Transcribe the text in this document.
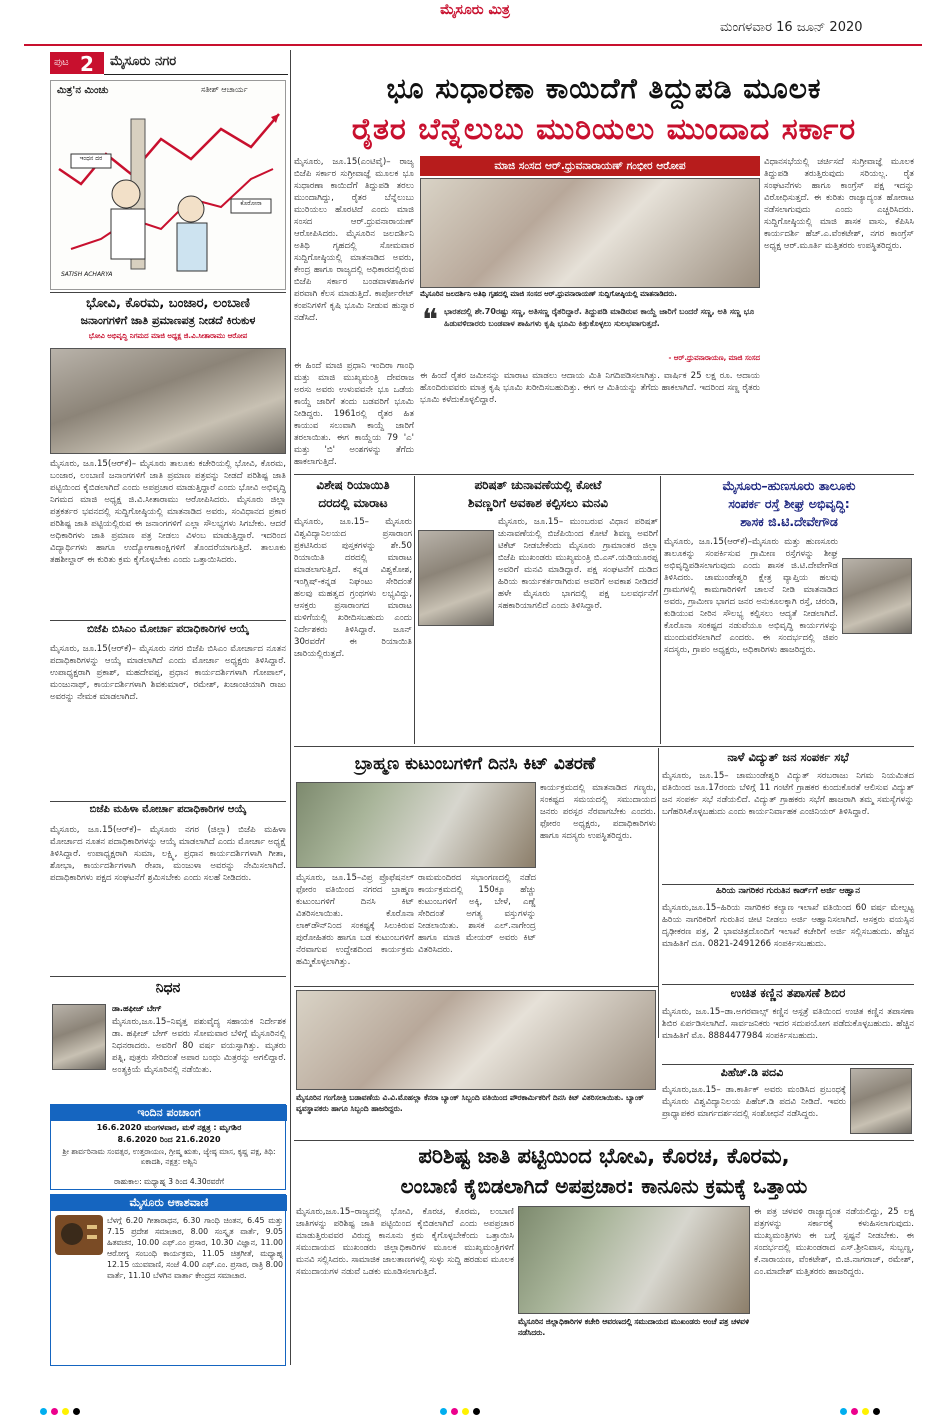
ಮೈಸೂರು ಮಿತ್ರ
ಮಂಗಳವಾರ 16 ಜೂನ್ 2020
ಪುಟ 2 ಮೈಸೂರು ನಗರ
ಮಿತ್ರ'ನ ಮಿಂಚು	ಸತೀಶ್ ಆಚಾರ್ಯ
ಇಂಧನ ದರ
ಕೊರೋನಾ
SATISH ACHARYA
ಭೋವಿ, ಕೊರಮ, ಬಂಜಾರ, ಲಂಬಾಣಿ
ಜನಾಂಗಗಳಿಗೆ ಜಾತಿ ಪ್ರಮಾಣಪತ್ರ ನೀಡದೆ ಕಿರುಕುಳ
ಭೋವಿ ಅಭಿವೃದ್ಧಿ ನಿಗಮದ ಮಾಜಿ ಅಧ್ಯಕ್ಷ ಜಿ.ವಿ.ಸೀತಾರಾಮು ಆರೋಪ
ಮೈಸೂರು, ಜೂ.15(ಆರ್‌ಕೆ)– ಮೈಸೂರು ತಾಲೂಕು ಕಚೇರಿಯಲ್ಲಿ ಭೋವಿ, ಕೊರಮ, ಬಂಜಾರ, ಲಂಬಾಣಿ ಜನಾಂಗಗಳಿಗೆ ಜಾತಿ ಪ್ರಮಾಣ ಪತ್ರವನ್ನು ನೀಡದೆ ಪರಿಶಿಷ್ಟ ಜಾತಿ ಪಟ್ಟಿಯಿಂದ ಕೈಬಿಡಲಾಗಿದೆ ಎಂದು ಅಪಪ್ರಚಾರ ಮಾಡುತ್ತಿದ್ದಾರೆ ಎಂದು ಭೋವಿ ಅಭಿವೃದ್ಧಿ ನಿಗಮದ ಮಾಜಿ ಅಧ್ಯಕ್ಷ ಜಿ.ವಿ.ಸೀತಾರಾಮು ಆರೋಪಿಸಿದರು. ಮೈಸೂರು ಜಿಲ್ಲಾ ಪತ್ರಕರ್ತರ ಭವನದಲ್ಲಿ ಸುದ್ದಿಗೋಷ್ಠಿಯಲ್ಲಿ ಮಾತನಾಡಿದ ಅವರು, ಸಂವಿಧಾನದ ಪ್ರಕಾರ ಪರಿಶಿಷ್ಟ ಜಾತಿ ಪಟ್ಟಿಯಲ್ಲಿರುವ ಈ ಜನಾಂಗಗಳಿಗೆ ಎಲ್ಲಾ ಸೌಲಭ್ಯಗಳು ಸಿಗಬೇಕು. ಆದರೆ ಅಧಿಕಾರಿಗಳು ಜಾತಿ ಪ್ರಮಾಣ ಪತ್ರ ನೀಡಲು ವಿಳಂಬ ಮಾಡುತ್ತಿದ್ದಾರೆ. ಇದರಿಂದ ವಿದ್ಯಾರ್ಥಿಗಳು ಹಾಗೂ ಉದ್ಯೋಗಾಕಾಂಕ್ಷಿಗಳಿಗೆ ತೊಂದರೆಯಾಗುತ್ತಿದೆ. ತಾಲೂಕು ತಹಶೀಲ್ದಾರ್ ಈ ಕುರಿತು ಕ್ರಮ ಕೈಗೊಳ್ಳಬೇಕು ಎಂದು ಒತ್ತಾಯಿಸಿದರು.
ಬಿಜೆಪಿ ಬಿಸಿಎಂ ಮೋರ್ಚಾ ಪದಾಧಿಕಾರಿಗಳ ಆಯ್ಕೆ
ಮೈಸೂರು, ಜೂ.15(ಆರ್‌ಕೆ)– ಮೈಸೂರು ನಗರ ಬಿಜೆಪಿ ಬಿಸಿಎಂ ಮೋರ್ಚಾದ ನೂತನ ಪದಾಧಿಕಾರಿಗಳನ್ನು ಆಯ್ಕೆ ಮಾಡಲಾಗಿದೆ ಎಂದು ಮೋರ್ಚಾ ಅಧ್ಯಕ್ಷರು ತಿಳಿಸಿದ್ದಾರೆ. ಉಪಾಧ್ಯಕ್ಷರಾಗಿ ಪ್ರಕಾಶ್, ಮಹದೇವಪ್ಪ, ಪ್ರಧಾನ ಕಾರ್ಯದರ್ಶಿಗಳಾಗಿ ಗೋಪಾಲ್, ಮಂಜುನಾಥ್, ಕಾರ್ಯದರ್ಶಿಗಳಾಗಿ ಶಿವಕುಮಾರ್, ರಮೇಶ್, ಖಜಾಂಚಿಯಾಗಿ ರಾಜು ಅವರನ್ನು ನೇಮಕ ಮಾಡಲಾಗಿದೆ.
ಬಿಜೆಪಿ ಮಹಿಳಾ ಮೋರ್ಚಾ ಪದಾಧಿಕಾರಿಗಳ ಆಯ್ಕೆ
ಮೈಸೂರು, ಜೂ.15(ಆರ್‌ಕೆ)– ಮೈಸೂರು ನಗರ (ಜಿಲ್ಲಾ) ಬಿಜೆಪಿ ಮಹಿಳಾ ಮೋರ್ಚಾದ ನೂತನ ಪದಾಧಿಕಾರಿಗಳನ್ನು ಆಯ್ಕೆ ಮಾಡಲಾಗಿದೆ ಎಂದು ಮೋರ್ಚಾ ಅಧ್ಯಕ್ಷೆ ತಿಳಿಸಿದ್ದಾರೆ. ಉಪಾಧ್ಯಕ್ಷರಾಗಿ ಸುಮಾ, ಲಕ್ಷ್ಮಿ, ಪ್ರಧಾನ ಕಾರ್ಯದರ್ಶಿಗಳಾಗಿ ಗೀತಾ, ಶೋಭಾ, ಕಾರ್ಯದರ್ಶಿಗಳಾಗಿ ರೇಖಾ, ಮಂಜುಳಾ ಅವರನ್ನು ನೇಮಿಸಲಾಗಿದೆ. ಪದಾಧಿಕಾರಿಗಳು ಪಕ್ಷದ ಸಂಘಟನೆಗೆ ಶ್ರಮಿಸಬೇಕು ಎಂದು ಸಲಹೆ ನೀಡಿದರು.
ನಿಧನ
ಡಾ.ಹಫೀಜ್ ಬೇಗ್
ಮೈಸೂರು,ಜೂ.15–ನಿವೃತ್ತ ಪಶುವೈದ್ಯ ಸಹಾಯಕ ನಿರ್ದೇಶಕ ಡಾ. ಹಫೀಜ್ ಬೇಗ್ ಅವರು ಸೋಮವಾರ ಬೆಳಿಗ್ಗೆ ಮೈಸೂರಿನಲ್ಲಿ ನಿಧನರಾದರು. ಅವರಿಗೆ 80 ವರ್ಷ ವಯಸ್ಸಾಗಿತ್ತು. ಮೃತರು ಪತ್ನಿ, ಪುತ್ರರು ಸೇರಿದಂತೆ ಅಪಾರ ಬಂಧು ಮಿತ್ರರನ್ನು ಅಗಲಿದ್ದಾರೆ. ಅಂತ್ಯಕ್ರಿಯೆ ಮೈಸೂರಿನಲ್ಲಿ ನಡೆಯಿತು.
ಇಂದಿನ ಪಂಚಾಂಗ
16.6.2020 ಮಂಗಳವಾರ, ಮಳೆ ನಕ್ಷತ್ರ : ಮೃಗಶಿರ
8.6.2020 ರಿಂದ 21.6.2020
ಶ್ರೀ ಶಾರ್ವರಿನಾಮ ಸಂವತ್ಸರ, ಉತ್ತರಾಯಣ, ಗ್ರೀಷ್ಮ ಋತು, ಜ್ಯೇಷ್ಠ ಮಾಸ, ಕೃಷ್ಣ ಪಕ್ಷ, ತಿಥಿ: ಏಕಾದಶಿ, ನಕ್ಷತ್ರ: ಅಶ್ವಿನಿ
ರಾಹುಕಾಲ: ಮಧ್ಯಾಹ್ನ 3 ರಿಂದ 4.30ರವರೆಗೆ
ಮೈಸೂರು ಆಕಾಶವಾಣಿ
ಬೆಳಗ್ಗೆ 6.20 ಗೀತಾರಾಧನ, 6.30 ಗಾಂಧಿ ಚಿಂತನ, 6.45 ಮತ್ತು 7.15 ಪ್ರದೇಶ ಸಮಾಚಾರ, 8.00 ಸಂಸ್ಕೃತ ವಾರ್ತೆ, 9.05 ಹಿತವಚನ, 10.00 ಎಫ್.ಎಂ ಪ್ರಸಾರ, 10.30 ವಿಜ್ಞಾನ, 11.00 ಆರೋಗ್ಯ ಸಂಬಂಧಿ ಕಾರ್ಯಕ್ರಮ, 11.05 ಚಿತ್ರಗೀತೆ, ಮಧ್ಯಾಹ್ನ 12.15 ಯುವವಾಣಿ, ಸಂಜೆ 4.00 ಎಫ್.ಎಂ. ಪ್ರಸಾರ, ರಾತ್ರಿ 8.00 ವಾರ್ತೆ, 11.10 ಬೆಳಗಿನ ವಾರ್ತಾ ಕೇಂದ್ರದ ಸಮಾಚಾರ.
ಭೂ ಸುಧಾರಣಾ ಕಾಯಿದೆಗೆ ತಿದ್ದುಪಡಿ ಮೂಲಕ
ರೈತರ ಬೆನ್ನೆಲುಬು ಮುರಿಯಲು ಮುಂದಾದ ಸರ್ಕಾರ
ಮೈಸೂರು, ಜೂ.15(ಎಂಟಿವೈ)– ರಾಜ್ಯ ಬಿಜೆಪಿ ಸರ್ಕಾರ ಸುಗ್ರೀವಾಜ್ಞೆ ಮೂಲಕ ಭೂ ಸುಧಾರಣಾ ಕಾಯಿದೆಗೆ ತಿದ್ದುಪಡಿ ತರಲು ಮುಂದಾಗಿದ್ದು, ರೈತರ ಬೆನ್ನೆಲುಬು ಮುರಿಯಲು ಹೊರಟಿದೆ ಎಂದು ಮಾಜಿ ಸಂಸದ ಆರ್.ಧ್ರುವನಾರಾಯಣ್ ಆರೋಪಿಸಿದರು. ಮೈಸೂರಿನ ಜಲದರ್ಶಿನಿ ಅತಿಥಿ ಗೃಹದಲ್ಲಿ ಸೋಮವಾರ ಸುದ್ದಿಗೋಷ್ಠಿಯಲ್ಲಿ ಮಾತನಾಡಿದ ಅವರು, ಕೇಂದ್ರ ಹಾಗೂ ರಾಜ್ಯದಲ್ಲಿ ಅಧಿಕಾರದಲ್ಲಿರುವ ಬಿಜೆಪಿ ಸರ್ಕಾರ ಬಂಡವಾಳಶಾಹಿಗಳ ಪರವಾಗಿ ಕೆಲಸ ಮಾಡುತ್ತಿದೆ. ಕಾರ್ಪೋರೇಟ್ ಕಂಪನಿಗಳಿಗೆ ಕೃಷಿ ಭೂಮಿ ನೀಡುವ ಹುನ್ನಾರ ನಡೆಸಿದೆ.
ಮಾಜಿ ಸಂಸದ ಆರ್.ಧ್ರುವನಾರಾಯಣ್ ಗಂಭೀರ ಆರೋಪ
ಮೈಸೂರಿನ ಜಲದರ್ಶಿನಿ ಅತಿಥಿ ಗೃಹದಲ್ಲಿ ಮಾಜಿ ಸಂಸದ ಆರ್.ಧ್ರುವನಾರಾಯಣ್ ಸುದ್ದಿಗೋಷ್ಠಿಯಲ್ಲಿ ಮಾತನಾಡಿದರು.
❝ ಭಾರತದಲ್ಲಿ ಶೇ.70ರಷ್ಟು ಸಣ್ಣ, ಅತಿಸಣ್ಣ ರೈತರಿದ್ದಾರೆ. ತಿದ್ದುಪಡಿ ಮಾಡಿರುವ ಕಾಯ್ದೆ ಜಾರಿಗೆ ಬಂದರೆ ಸಣ್ಣ, ಅತಿ ಸಣ್ಣ ಭೂ ಹಿಡುವಳಿದಾರರು ಬಂಡವಾಳ ಶಾಹಿಗಳು ಕೃಷಿ ಭೂಮಿ ಕಿತ್ತುಕೊಳ್ಳಲು ಸುಲಭವಾಗುತ್ತದೆ.
- ಆರ್.ಧ್ರುವನಾರಾಯಣ, ಮಾಜಿ ಸಂಸದ
ವಿಧಾನಸಭೆಯಲ್ಲಿ ಚರ್ಚಿಸದೆ ಸುಗ್ರೀವಾಜ್ಞೆ ಮೂಲಕ ತಿದ್ದುಪಡಿ ತರುತ್ತಿರುವುದು ಸರಿಯಲ್ಲ. ರೈತ ಸಂಘಟನೆಗಳು ಹಾಗೂ ಕಾಂಗ್ರೆಸ್ ಪಕ್ಷ ಇದನ್ನು ವಿರೋಧಿಸುತ್ತದೆ. ಈ ಕುರಿತು ರಾಜ್ಯಾದ್ಯಂತ ಹೋರಾಟ ನಡೆಸಲಾಗುವುದು ಎಂದು ಎಚ್ಚರಿಸಿದರು. ಸುದ್ದಿಗೋಷ್ಠಿಯಲ್ಲಿ ಮಾಜಿ ಶಾಸಕ ವಾಸು, ಕೆಪಿಸಿಸಿ ಕಾರ್ಯದರ್ಶಿ ಹೆಚ್.ಎ.ವೆಂಕಟೇಶ್, ನಗರ ಕಾಂಗ್ರೆಸ್ ಅಧ್ಯಕ್ಷ ಆರ್.ಮೂರ್ತಿ ಮತ್ತಿತರರು ಉಪಸ್ಥಿತರಿದ್ದರು.
ಈ ಹಿಂದೆ ಮಾಜಿ ಪ್ರಧಾನಿ ಇಂದಿರಾ ಗಾಂಧಿ ಮತ್ತು ಮಾಜಿ ಮುಖ್ಯಮಂತ್ರಿ ದೇವರಾಜ ಅರಸು ಅವರು ಉಳುವವನೇ ಭೂ ಒಡೆಯ ಕಾಯ್ದೆ ಜಾರಿಗೆ ತಂದು ಬಡವರಿಗೆ ಭೂಮಿ ನೀಡಿದ್ದರು. 1961ರಲ್ಲಿ ರೈತರ ಹಿತ ಕಾಯುವ ಸಲುವಾಗಿ ಕಾಯ್ದೆ ಜಾರಿಗೆ ತರಲಾಯಿತು. ಈಗ ಕಾಯ್ದೆಯ 79 'ಎ' ಮತ್ತು 'ಬಿ' ಅಂಶಗಳನ್ನು ತೆಗೆದು ಹಾಕಲಾಗುತ್ತಿದೆ.
ಈ ಹಿಂದೆ ರೈತರ ಜಮೀನನ್ನು ಮಾರಾಟ ಮಾಡಲು ಆದಾಯ ಮಿತಿ ನಿಗದಿಪಡಿಸಲಾಗಿತ್ತು. ವಾರ್ಷಿಕ 25 ಲಕ್ಷ ರೂ. ಆದಾಯ ಹೊಂದಿರುವವರು ಮಾತ್ರ ಕೃಷಿ ಭೂಮಿ ಖರೀದಿಸಬಹುದಿತ್ತು. ಈಗ ಆ ಮಿತಿಯನ್ನು ತೆಗೆದು ಹಾಕಲಾಗಿದೆ. ಇದರಿಂದ ಸಣ್ಣ ರೈತರು ಭೂಮಿ ಕಳೆದುಕೊಳ್ಳಲಿದ್ದಾರೆ.
ವಿಶೇಷ ರಿಯಾಯಿತಿ
ದರದಲ್ಲಿ ಮಾರಾಟ
ಮೈಸೂರು, ಜೂ.15– ಮೈಸೂರು ವಿಶ್ವವಿದ್ಯಾನಿಲಯದ ಪ್ರಸಾರಾಂಗ ಪ್ರಕಟಿಸಿರುವ ಪುಸ್ತಕಗಳನ್ನು ಶೇ.50 ರಿಯಾಯಿತಿ ದರದಲ್ಲಿ ಮಾರಾಟ ಮಾಡಲಾಗುತ್ತಿದೆ. ಕನ್ನಡ ವಿಶ್ವಕೋಶ, ಇಂಗ್ಲಿಷ್-ಕನ್ನಡ ನಿಘಂಟು ಸೇರಿದಂತೆ ಹಲವು ಮಹತ್ವದ ಗ್ರಂಥಗಳು ಲಭ್ಯವಿದ್ದು, ಆಸಕ್ತರು ಪ್ರಸಾರಾಂಗದ ಮಾರಾಟ ಮಳಿಗೆಯಲ್ಲಿ ಖರೀದಿಸಬಹುದು ಎಂದು ನಿರ್ದೇಶಕರು ತಿಳಿಸಿದ್ದಾರೆ. ಜೂನ್ 30ರವರೆಗೆ ಈ ರಿಯಾಯಿತಿ ಜಾರಿಯಲ್ಲಿರುತ್ತದೆ.
ಪರಿಷತ್ ಚುನಾವಣೆಯಲ್ಲಿ ಕೋಟೆ
ಶಿವಣ್ಣರಿಗೆ ಅವಕಾಶ ಕಲ್ಪಿಸಲು ಮನವಿ
ಮೈಸೂರು, ಜೂ.15– ಮುಂಬರುವ ವಿಧಾನ ಪರಿಷತ್ ಚುನಾವಣೆಯಲ್ಲಿ ಬಿಜೆಪಿಯಿಂದ ಕೋಟೆ ಶಿವಣ್ಣ ಅವರಿಗೆ ಟಿಕೆಟ್ ನೀಡಬೇಕೆಂದು ಮೈಸೂರು ಗ್ರಾಮಾಂತರ ಜಿಲ್ಲಾ ಬಿಜೆಪಿ ಮುಖಂಡರು ಮುಖ್ಯಮಂತ್ರಿ ಬಿ.ಎಸ್.ಯಡಿಯೂರಪ್ಪ ಅವರಿಗೆ ಮನವಿ ಮಾಡಿದ್ದಾರೆ. ಪಕ್ಷ ಸಂಘಟನೆಗೆ ದುಡಿದ ಹಿರಿಯ ಕಾರ್ಯಕರ್ತರಾಗಿರುವ ಅವರಿಗೆ ಅವಕಾಶ ನೀಡಿದರೆ ಹಳೇ ಮೈಸೂರು ಭಾಗದಲ್ಲಿ ಪಕ್ಷ ಬಲವರ್ಧನೆಗೆ ಸಹಕಾರಿಯಾಗಲಿದೆ ಎಂದು ತಿಳಿಸಿದ್ದಾರೆ.
ಮೈಸೂರು–ಹುಣಸೂರು ತಾಲೂಕು
ಸಂಪರ್ಕ ರಸ್ತೆ ಶೀಘ್ರ ಅಭಿವೃದ್ಧಿ:
ಶಾಸಕ ಜಿ.ಟಿ.ದೇವೇಗೌಡ
ಮೈಸೂರು, ಜೂ.15(ಆರ್‌ಕೆ)–ಮೈಸೂರು ಮತ್ತು ಹುಣಸೂರು ತಾಲೂಕನ್ನು ಸಂಪರ್ಕಿಸುವ ಗ್ರಾಮೀಣ ರಸ್ತೆಗಳನ್ನು ಶೀಘ್ರ ಅಭಿವೃದ್ಧಿಪಡಿಸಲಾಗುವುದು ಎಂದು ಶಾಸಕ ಜಿ.ಟಿ.ದೇವೇಗೌಡ ತಿಳಿಸಿದರು. ಚಾಮುಂಡೇಶ್ವರಿ ಕ್ಷೇತ್ರ ವ್ಯಾಪ್ತಿಯ ಹಲವು ಗ್ರಾಮಗಳಲ್ಲಿ ಕಾಮಗಾರಿಗಳಿಗೆ ಚಾಲನೆ ನೀಡಿ ಮಾತನಾಡಿದ ಅವರು, ಗ್ರಾಮೀಣ ಭಾಗದ ಜನರ ಅನುಕೂಲಕ್ಕಾಗಿ ರಸ್ತೆ, ಚರಂಡಿ, ಕುಡಿಯುವ ನೀರಿನ ಸೌಲಭ್ಯ ಕಲ್ಪಿಸಲು ಆದ್ಯತೆ ನೀಡಲಾಗಿದೆ. ಕೊರೊನಾ ಸಂಕಷ್ಟದ ನಡುವೆಯೂ ಅಭಿವೃದ್ಧಿ ಕಾರ್ಯಗಳನ್ನು ಮುಂದುವರೆಸಲಾಗಿದೆ ಎಂದರು. ಈ ಸಂದರ್ಭದಲ್ಲಿ ಜಿಪಂ ಸದಸ್ಯರು, ಗ್ರಾಪಂ ಅಧ್ಯಕ್ಷರು, ಅಧಿಕಾರಿಗಳು ಹಾಜರಿದ್ದರು.
ಬ್ರಾಹ್ಮಣ ಕುಟುಂಬಗಳಿಗೆ ದಿನಸಿ ಕಿಟ್ ವಿತರಣೆ
ಕಾರ್ಯಕ್ರಮದಲ್ಲಿ ಮಾತನಾಡಿದ ಗಣ್ಯರು, ಸಂಕಷ್ಟದ ಸಮಯದಲ್ಲಿ ಸಮುದಾಯದ ಜನರು ಪರಸ್ಪರ ನೆರವಾಗಬೇಕು ಎಂದರು. ಫೋರಂ ಅಧ್ಯಕ್ಷರು, ಪದಾಧಿಕಾರಿಗಳು ಹಾಗೂ ಸದಸ್ಯರು ಉಪಸ್ಥಿತರಿದ್ದರು.
ಮೈಸೂರು, ಜೂ.15–ವಿಪ್ರ ಪ್ರೊಫೆಷನಲ್ ಫೋರಂ ವತಿಯಿಂದ ನಗರದ ಬ್ರಾಹ್ಮಣ ಕುಟುಂಬಗಳಿಗೆ ದಿನಸಿ ಕಿಟ್ ವಿತರಿಸಲಾಯಿತು. ಕೊರೊನಾ ಲಾಕ್‌ಡೌನ್‌ನಿಂದ ಸಂಕಷ್ಟಕ್ಕೆ ಸಿಲುಕಿರುವ ಪುರೋಹಿತರು ಹಾಗೂ ಬಡ ಕುಟುಂಬಗಳಿಗೆ ನೆರವಾಗುವ ಉದ್ದೇಶದಿಂದ ಕಾರ್ಯಕ್ರಮ ಹಮ್ಮಿಕೊಳ್ಳಲಾಗಿತ್ತು.
ರಾಮಮಂದಿರದ ಸಭಾಂಗಣದಲ್ಲಿ ನಡೆದ ಕಾರ್ಯಕ್ರಮದಲ್ಲಿ 150ಕ್ಕೂ ಹೆಚ್ಚು ಕುಟುಂಬಗಳಿಗೆ ಅಕ್ಕಿ, ಬೇಳೆ, ಎಣ್ಣೆ ಸೇರಿದಂತೆ ಅಗತ್ಯ ವಸ್ತುಗಳನ್ನು ನೀಡಲಾಯಿತು. ಶಾಸಕ ಎಲ್.ನಾಗೇಂದ್ರ ಹಾಗೂ ಮಾಜಿ ಮೇಯರ್ ಅವರು ಕಿಟ್ ವಿತರಿಸಿದರು.
ನಾಳೆ ವಿದ್ಯುತ್ ಜನ ಸಂಪರ್ಕ ಸಭೆ
ಮೈಸೂರು, ಜೂ.15– ಚಾಮುಂಡೇಶ್ವರಿ ವಿದ್ಯುತ್ ಸರಬರಾಜು ನಿಗಮ ನಿಯಮಿತದ ವತಿಯಿಂದ ಜೂ.17ರಂದು ಬೆಳಿಗ್ಗೆ 11 ಗಂಟೆಗೆ ಗ್ರಾಹಕರ ಕುಂದುಕೊರತೆ ಆಲಿಸುವ ವಿದ್ಯುತ್ ಜನ ಸಂಪರ್ಕ ಸಭೆ ನಡೆಯಲಿದೆ. ವಿದ್ಯುತ್ ಗ್ರಾಹಕರು ಸಭೆಗೆ ಹಾಜರಾಗಿ ತಮ್ಮ ಸಮಸ್ಯೆಗಳನ್ನು ಬಗೆಹರಿಸಿಕೊಳ್ಳಬಹುದು ಎಂದು ಕಾರ್ಯನಿರ್ವಾಹಕ ಎಂಜಿನಿಯರ್ ತಿಳಿಸಿದ್ದಾರೆ.
ಹಿರಿಯ ನಾಗರಿಕರ ಗುರುತಿನ ಕಾರ್ಡ್‌ಗೆ ಅರ್ಜಿ ಆಹ್ವಾನ
ಮೈಸೂರು,ಜೂ.15–ಹಿರಿಯ ನಾಗರಿಕರ ಕಲ್ಯಾಣ ಇಲಾಖೆ ವತಿಯಿಂದ 60 ವರ್ಷ ಮೇಲ್ಪಟ್ಟ ಹಿರಿಯ ನಾಗರಿಕರಿಗೆ ಗುರುತಿನ ಚೀಟಿ ನೀಡಲು ಅರ್ಜಿ ಆಹ್ವಾನಿಸಲಾಗಿದೆ. ಆಸಕ್ತರು ವಯಸ್ಸಿನ ದೃಢೀಕರಣ ಪತ್ರ, 2 ಭಾವಚಿತ್ರದೊಂದಿಗೆ ಇಲಾಖೆ ಕಚೇರಿಗೆ ಅರ್ಜಿ ಸಲ್ಲಿಸಬಹುದು. ಹೆಚ್ಚಿನ ಮಾಹಿತಿಗೆ ದೂ. 0821-2491266 ಸಂಪರ್ಕಿಸಬಹುದು.
ಮೈಸೂರಿನ ಗಂಗೋತ್ರಿ ಬಡಾವಣೆಯ ವಿ.ವಿ.ಮೊಹಲ್ಲಾ ಕೆನರಾ ಬ್ಯಾಂಕ್ ಸಿಬ್ಬಂದಿ ವತಿಯಿಂದ ಪೌರಕಾರ್ಮಿಕರಿಗೆ ದಿನಸಿ ಕಿಟ್ ವಿತರಿಸಲಾಯಿತು. ಬ್ಯಾಂಕ್ ವ್ಯವಸ್ಥಾಪಕರು ಹಾಗೂ ಸಿಬ್ಬಂದಿ ಹಾಜರಿದ್ದರು.
ಉಚಿತ ಕಣ್ಣಿನ ತಪಾಸಣೆ ಶಿಬಿರ
ಮೈಸೂರು, ಜೂ.15–ಡಾ.ಅಗರವಾಲ್ಸ್ ಕಣ್ಣಿನ ಆಸ್ಪತ್ರೆ ವತಿಯಿಂದ ಉಚಿತ ಕಣ್ಣಿನ ತಪಾಸಣಾ ಶಿಬಿರ ಏರ್ಪಡಿಸಲಾಗಿದೆ. ಸಾರ್ವಜನಿಕರು ಇದರ ಸದುಪಯೋಗ ಪಡೆದುಕೊಳ್ಳಬಹುದು. ಹೆಚ್ಚಿನ ಮಾಹಿತಿಗೆ ಮೊ. 8884477984 ಸಂಪರ್ಕಿಸಬಹುದು.
ಪಿಹೆಚ್.ಡಿ ಪದವಿ
ಮೈಸೂರು,ಜೂ.15– ಡಾ.ಕಾರ್ತಿಕ್ ಅವರು ಮಂಡಿಸಿದ ಪ್ರಬಂಧಕ್ಕೆ ಮೈಸೂರು ವಿಶ್ವವಿದ್ಯಾನಿಲಯ ಪಿಹೆಚ್.ಡಿ ಪದವಿ ನೀಡಿದೆ. ಇವರು ಪ್ರಾಧ್ಯಾಪಕರ ಮಾರ್ಗದರ್ಶನದಲ್ಲಿ ಸಂಶೋಧನೆ ನಡೆಸಿದ್ದರು.
ಪರಿಶಿಷ್ಟ ಜಾತಿ ಪಟ್ಟಿಯಿಂದ ಭೋವಿ, ಕೊರಚ, ಕೊರಮ,
ಲಂಬಾಣಿ ಕೈಬಿಡಲಾಗಿದೆ ಅಪಪ್ರಚಾರ: ಕಾನೂನು ಕ್ರಮಕ್ಕೆ ಒತ್ತಾಯ
ಮೈಸೂರು,ಜೂ.15–ರಾಜ್ಯದಲ್ಲಿ ಭೋವಿ, ಕೊರಚ, ಕೊರಮ, ಲಂಬಾಣಿ ಜಾತಿಗಳನ್ನು ಪರಿಶಿಷ್ಟ ಜಾತಿ ಪಟ್ಟಿಯಿಂದ ಕೈಬಿಡಲಾಗಿದೆ ಎಂದು ಅಪಪ್ರಚಾರ ಮಾಡುತ್ತಿರುವವರ ವಿರುದ್ಧ ಕಾನೂನು ಕ್ರಮ ಕೈಗೊಳ್ಳಬೇಕೆಂದು ಒತ್ತಾಯಿಸಿ ಸಮುದಾಯದ ಮುಖಂಡರು ಜಿಲ್ಲಾಧಿಕಾರಿಗಳ ಮೂಲಕ ಮುಖ್ಯಮಂತ್ರಿಗಳಿಗೆ ಮನವಿ ಸಲ್ಲಿಸಿದರು. ಸಾಮಾಜಿಕ ಜಾಲತಾಣಗಳಲ್ಲಿ ಸುಳ್ಳು ಸುದ್ದಿ ಹರಡುವ ಮೂಲಕ ಸಮುದಾಯಗಳ ನಡುವೆ ಒಡಕು ಮೂಡಿಸಲಾಗುತ್ತಿದೆ.
ಮೈಸೂರಿನ ಜಿಲ್ಲಾಧಿಕಾರಿಗಳ ಕಚೇರಿ ಆವರಣದಲ್ಲಿ ಸಮುದಾಯದ ಮುಖಂಡರು ಅಂಚೆ ಪತ್ರ ಚಳವಳಿ ನಡೆಸಿದರು.
ಈ ಪತ್ರ ಚಳವಳಿ ರಾಜ್ಯಾದ್ಯಂತ ನಡೆಯಲಿದ್ದು, 25 ಲಕ್ಷ ಪತ್ರಗಳನ್ನು ಸರ್ಕಾರಕ್ಕೆ ಕಳುಹಿಸಲಾಗುವುದು. ಮುಖ್ಯಮಂತ್ರಿಗಳು ಈ ಬಗ್ಗೆ ಸ್ಪಷ್ಟನೆ ನೀಡಬೇಕು. ಈ ಸಂದರ್ಭದಲ್ಲಿ ಮುಖಂಡರಾದ ಎಸ್.ಶ್ರೀನಿವಾಸ, ಸುಬ್ಬಣ್ಣ, ಕೆ.ನಾರಾಯಣ, ವೆಂಕಟೇಶ್, ಬಿ.ಜಿ.ನಾಗರಾಜ್, ರಮೇಶ್, ಎಂ.ಮಾದೇಶ್ ಮತ್ತಿತರರು ಹಾಜರಿದ್ದರು.
